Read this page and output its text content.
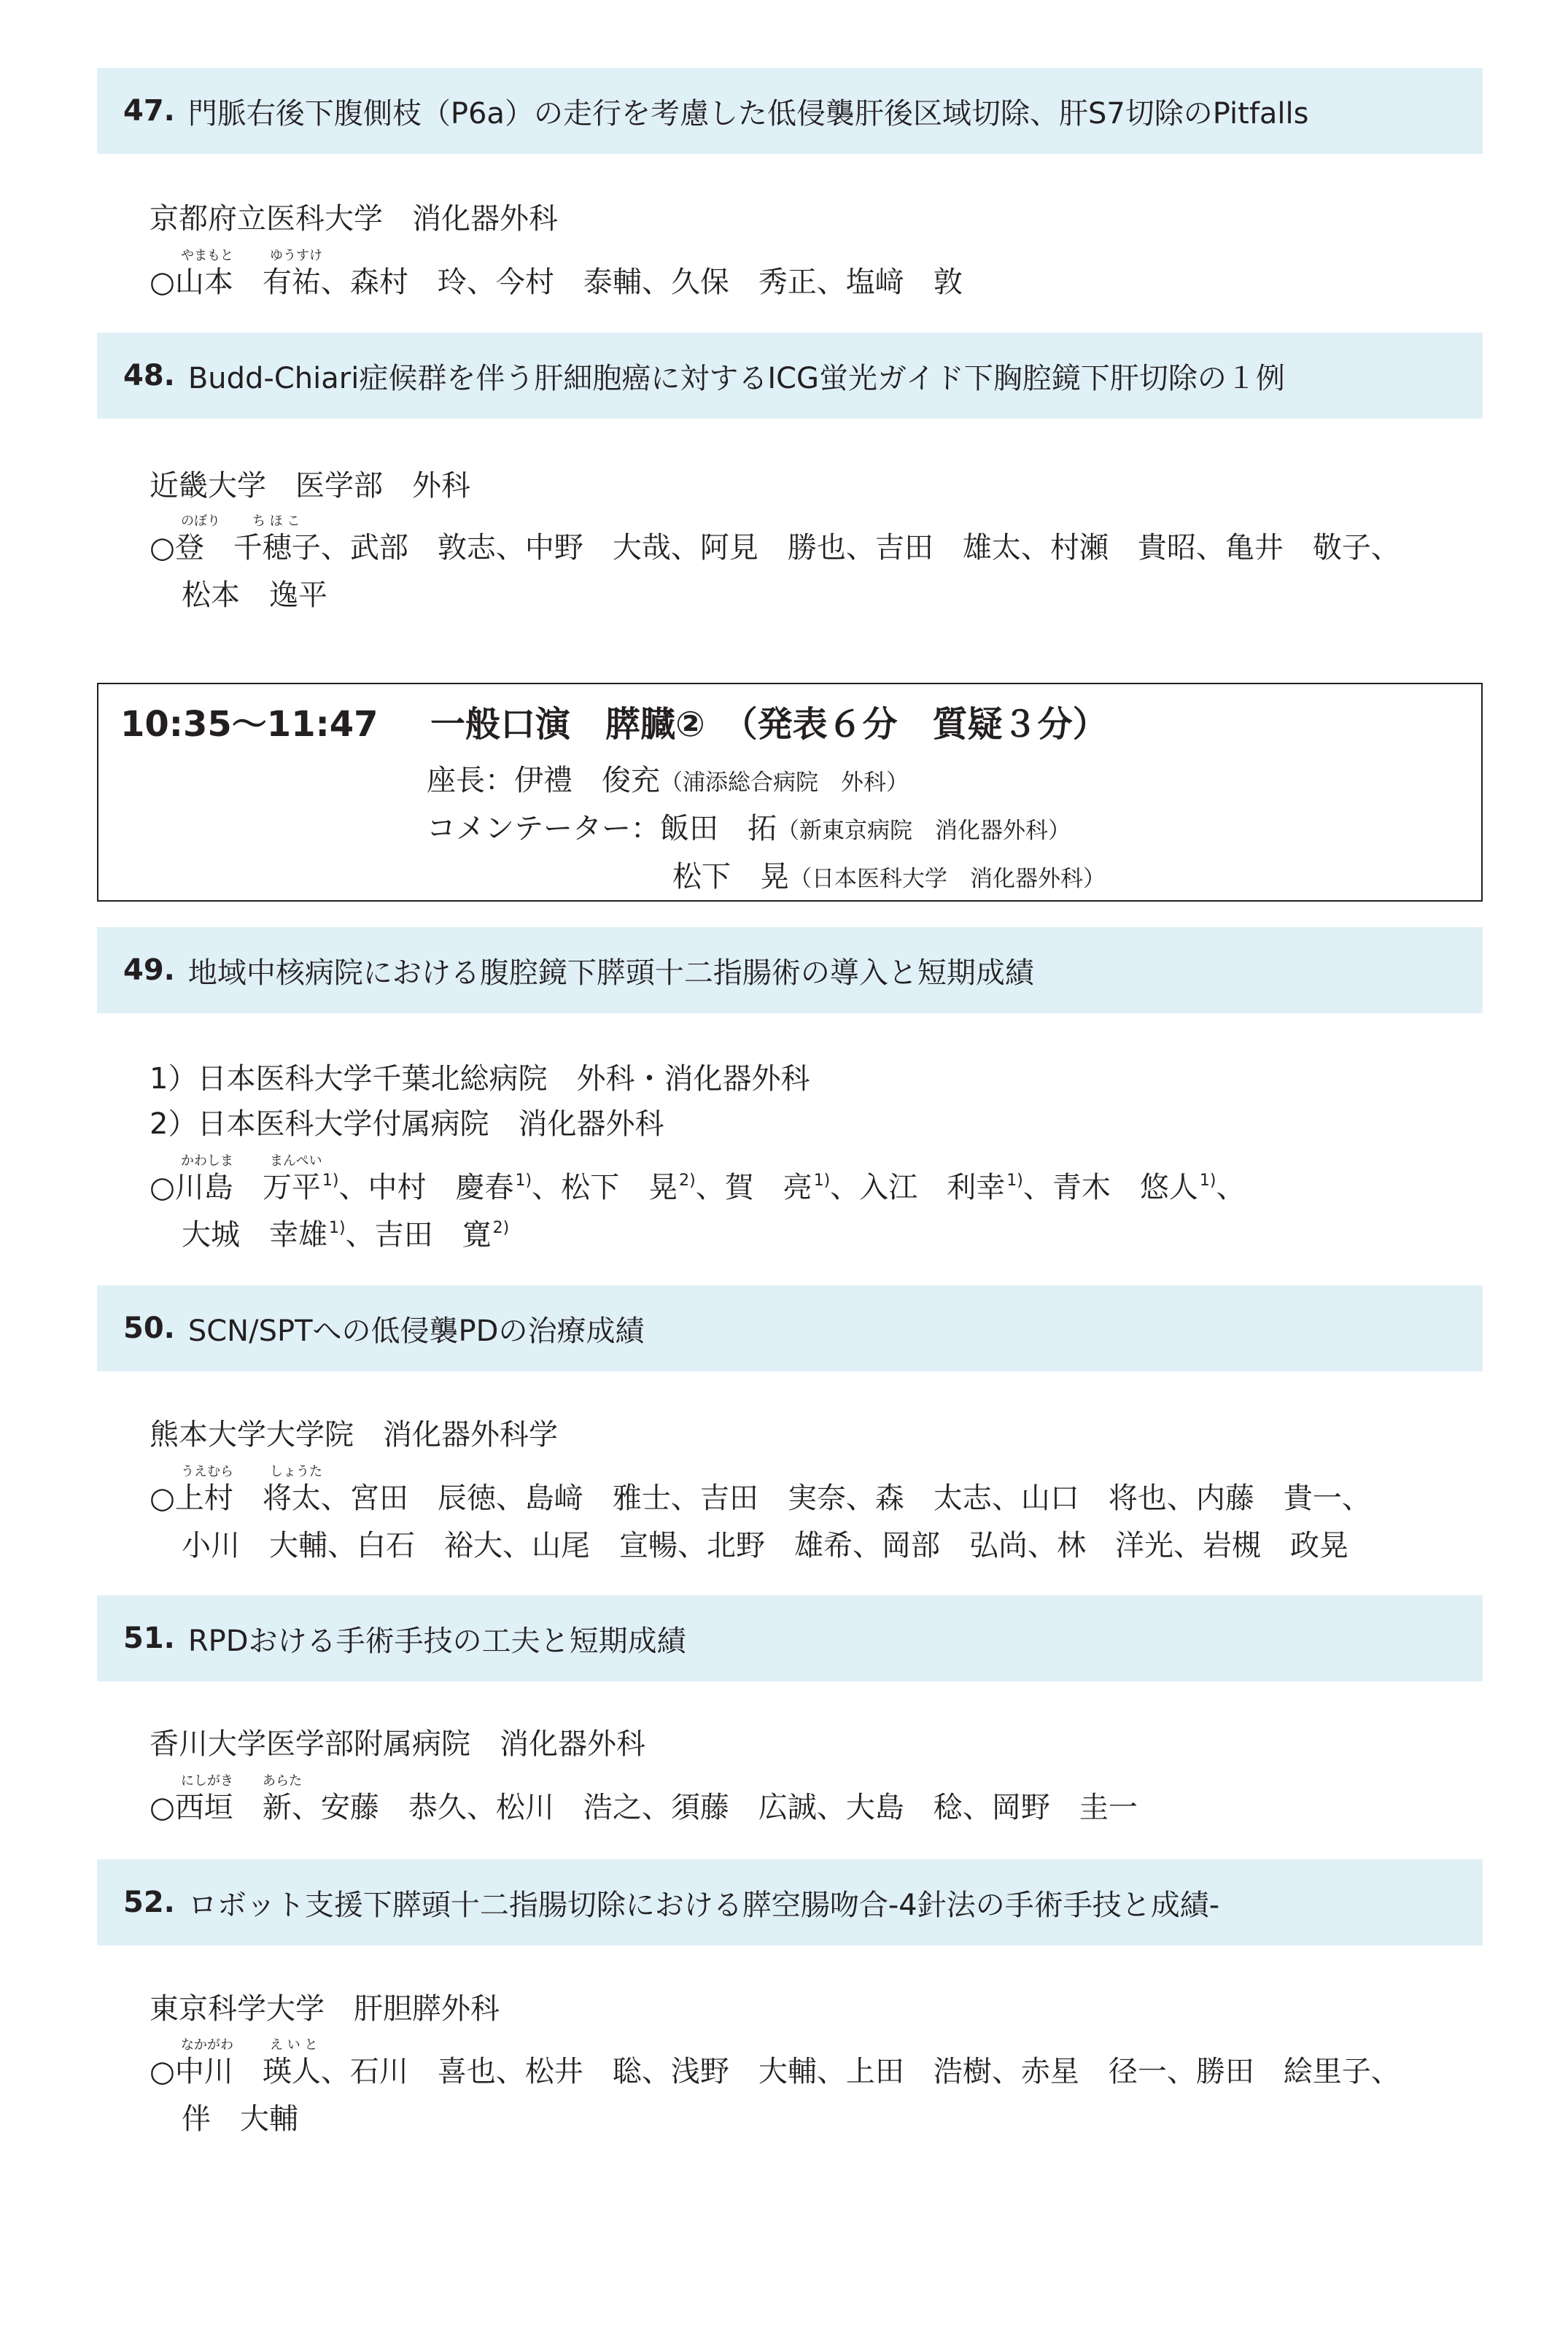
47. 門脈右後下腹側枝（P6a）の走行を考慮した低侵襲肝後区域切除、肝S7切除のPitfalls
京都府立医科大学　消化器外科
やまもと	ゆうすけ
○山本　有祐、森村　玲、今村　泰輔、久保　秀正、塩﨑　敦
48. Budd-Chiari症候群を伴う肝細胞癌に対するICG蛍光ガイド下胸腔鏡下肝切除の１例
近畿大学　医学部　外科
のぼり ち ほ こ
○登　千穂子、武部　敦志、中野　大哉、阿見　勝也、吉田　雄太、村瀬　貴昭、亀井　敬子、
松本　逸平
10:35〜11:47 一般口演　膵臓②　（発表６分　質疑３分）
座長：伊禮　俊充（浦添総合病院　外科）
コメンテーター：飯田　拓（新東京病院　消化器外科）
松下　晃（日本医科大学　消化器外科）
49. 地域中核病院における腹腔鏡下膵頭十二指腸術の導入と短期成績
1）日本医科大学千葉北総病院　外科・消化器外科
2）日本医科大学付属病院　消化器外科
かわしま	まんぺい
○川島　万平$^{1)}$、中村　慶春$^{1)}$、松下　晃$^{2)}$、賀　亮$^{1)}$、入江　利幸$^{1)}$、青木　悠人$^{1)}$、
大城　幸雄$^{1)}$、吉田　寛$^{2)}$
50. SCN/SPTへの低侵襲PDの治療成績
熊本大学大学院　消化器外科学
うえむら	しょうた
○上村　将太、宮田　辰徳、島﨑　雅士、吉田　実奈、森　太志、山口　将也、内藤　貴一、
小川　大輔、白石　裕大、山尾　宣暢、北野　雄希、岡部　弘尚、林　洋光、岩槻　政晃
51. RPDおける手術手技の工夫と短期成績
香川大学医学部附属病院　消化器外科
にしがき あらた
○西垣　新、安藤　恭久、松川　浩之、須藤　広誠、大島　稔、岡野　圭一
52. ロボット支援下膵頭十二指腸切除における膵空腸吻合-4針法の手術手技と成績-
東京科学大学　肝胆膵外科
なかがわ	え い と
○中川　瑛人、石川　喜也、松井　聡、浅野　大輔、上田　浩樹、赤星　径一、勝田　絵里子、
伴　大輔
